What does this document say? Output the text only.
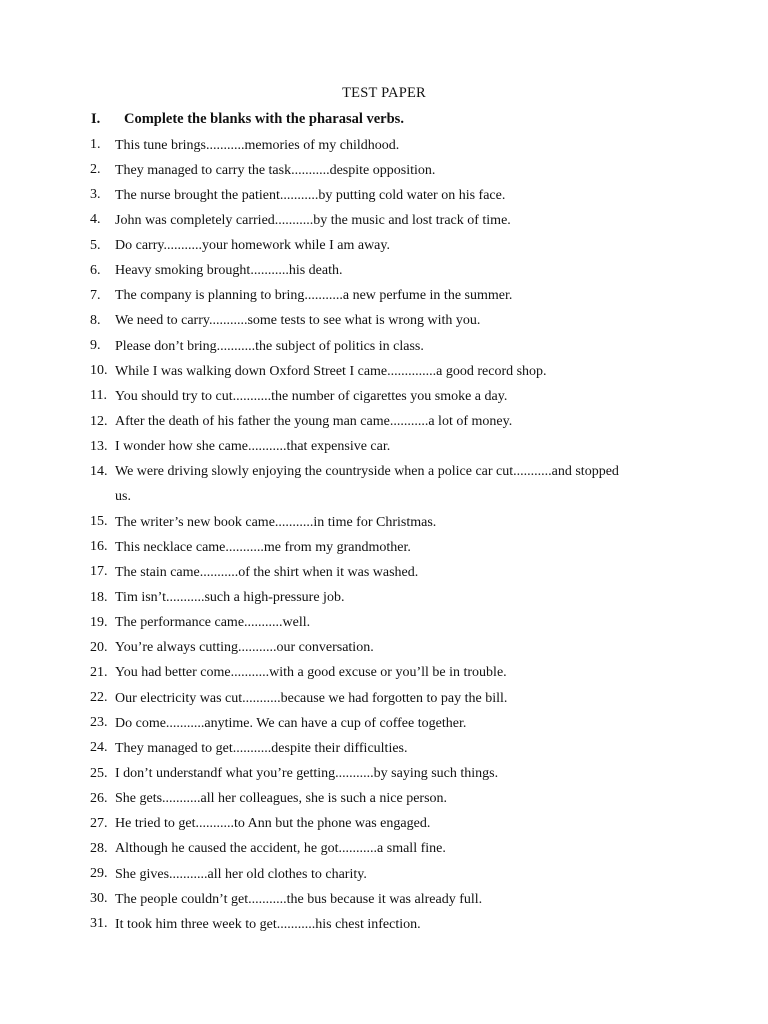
TEST PAPER
I. Complete the blanks with the pharasal verbs.
1. This tune brings...........memories of my childhood.
2. They managed to carry the task...........despite opposition.
3. The nurse brought the patient...........by putting cold water on his face.
4. John was completely carried...........by the music and lost track of time.
5. Do carry...........your homework while I am away.
6. Heavy smoking brought...........his death.
7. The company is planning to bring...........a new perfume in the summer.
8. We need to carry...........some tests to see what is wrong with you.
9. Please don’t bring...........the subject of politics in class.
10. While I was walking down Oxford Street I came..............a good record shop.
11. You should try to cut...........the number of cigarettes you smoke a day.
12. After the death of his father the young man came...........a lot of money.
13. I wonder how she came...........that expensive car.
14. We were driving slowly enjoying the countryside when a police car cut...........and stopped
us.
15. The writer’s new book came...........in time for Christmas.
16. This necklace came...........me from my grandmother.
17. The stain came...........of the shirt when it was washed.
18. Tim isn’t...........such a high-pressure job.
19. The performance came...........well.
20. You’re always cutting...........our conversation.
21. You had better come...........with a good excuse or you’ll be in trouble.
22. Our electricity was cut...........because we had forgotten to pay the bill.
23. Do come...........anytime. We can have a cup of coffee together.
24. They managed to get...........despite their difficulties.
25. I don’t understandf what you’re getting...........by saying such things.
26. She gets...........all her colleagues, she is such a nice person.
27. He tried to get...........to Ann but the phone was engaged.
28. Although he caused the accident, he got...........a small fine.
29. She gives...........all her old clothes to charity.
30. The people couldn’t get...........the bus because it was already full.
31. It took him three week to get...........his chest infection.
